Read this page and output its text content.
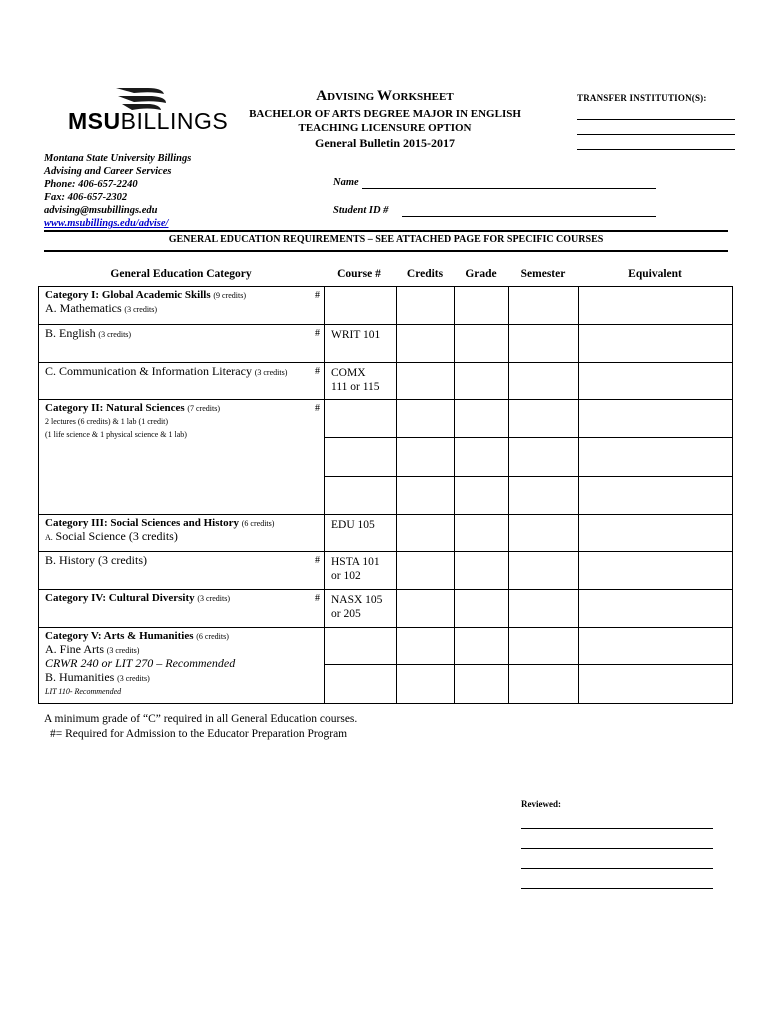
MSUBILLINGS
ADVISING WORKSHEET
BACHELOR OF ARTS DEGREE MAJOR IN ENGLISH
TEACHING LICENSURE OPTION
General Bulletin 2015-2017
TRANSFER INSTITUTION(S):
Montana State University Billings
Advising and Career Services
Phone: 406-657-2240
Fax: 406-657-2302
advising@msubillings.edu
www.msubillings.edu/advise/
Name
Student ID #
GENERAL EDUCATION REQUIREMENTS – SEE ATTACHED PAGE FOR SPECIFIC COURSES
General Education Category	Course #	Credits	Grade	Semester	Equivalent
Category I: Global Academic Skills (9 credits)
A. Mathematics (3 credits)	#					
B. English (3 credits)	#	WRIT 101				
C. Communication & Information Literacy (3 credits)	#	COMX
111 or 115				
Category II: Natural Sciences (7 credits)
2 lectures (6 credits) & 1 lab (1 credit)
(1 life science & 1 physical science & 1 lab)	#					

Category III: Social Sciences and History (6 credits)
A. Social Science (3 credits)		EDU 105				
B. History (3 credits)	#	HSTA 101
or 102				
Category IV: Cultural Diversity (3 credits)	#	NASX 105
or 205				
Category V: Arts & Humanities (6 credits)
A. Fine Arts (3 credits)
CRWR 240 or LIT 270 – Recommended
B. Humanities (3 credits)
LIT 110- Recommended						

A minimum grade of “C” required in all General Education courses.
#= Required for Admission to the Educator Preparation Program
Reviewed:
